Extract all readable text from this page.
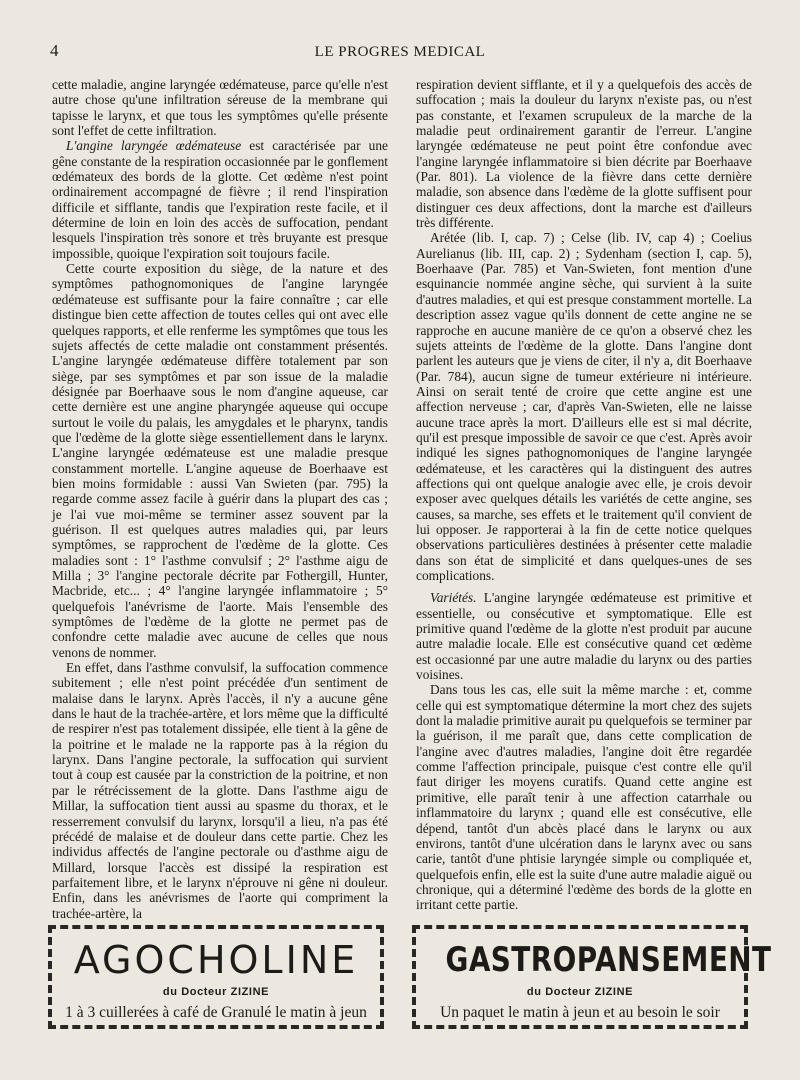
4	LE PROGRES MEDICAL

cette maladie, angine laryngée œdémateuse, parce qu'elle n'est autre chose qu'une infiltration séreuse de la membrane qui tapisse le larynx, et que tous les symptômes qu'elle présente sont l'effet de cette infiltration.

L'angine laryngée œdémateuse est caractérisée par une gêne constante de la respiration occasionnée par le gonflement œdémateux des bords de la glotte. Cet œdème n'est point ordinairement accompagné de fièvre ; il rend l'inspiration difficile et sifflante, tandis que l'expiration reste facile, et il détermine de loin en loin des accès de suffocation, pendant lesquels l'inspiration très sonore et très bruyante est presque impossible, quoique l'expiration soit toujours facile.

Cette courte exposition du siège, de la nature et des symptômes pathognomoniques de l'angine laryngée œdémateuse est suffisante pour la faire connaître ; car elle distingue bien cette affection de toutes celles qui ont avec elle quelques rapports, et elle renferme les symptômes que tous les sujets affectés de cette maladie ont constamment présentés. L'angine laryngée œdémateuse diffère totalement par son siège, par ses symptômes et par son issue de la maladie désignée par Boerhaave sous le nom d'angine aqueuse, car cette dernière est une angine pharyngée aqueuse qui occupe surtout le voile du palais, les amygdales et le pharynx, tandis que l'œdème de la glotte siège essentiellement dans le larynx. L'angine laryngée œdémateuse est une maladie presque constamment mortelle. L'angine aqueuse de Boerhaave est bien moins formidable : aussi Van Swieten (par. 795) la regarde comme assez facile à guérir dans la plupart des cas ; je l'ai vue moi-même se terminer assez souvent par la guérison. Il est quelques autres maladies qui, par leurs symptômes, se rapprochent de l'œdème de la glotte. Ces maladies sont : 1° l'asthme convulsif ; 2° l'asthme aigu de Milla ; 3° l'angine pectorale décrite par Fothergill, Hunter, Macbride, etc... ; 4° l'angine laryngée inflammatoire ; 5° quelquefois l'anévrisme de l'aorte. Mais l'ensemble des symptômes de l'œdème de la glotte ne permet pas de confondre cette maladie avec aucune de celles que nous venons de nommer.

En effet, dans l'asthme convulsif, la suffocation commence subitement ; elle n'est point précédée d'un sentiment de malaise dans le larynx. Après l'accès, il n'y a aucune gêne dans le haut de la trachée-artère, et lors même que la difficulté de respirer n'est pas totalement dissipée, elle tient à la gêne de la poitrine et le malade ne la rapporte pas à la région du larynx. Dans l'angine pectorale, la suffocation qui survient tout à coup est causée par la constriction de la poitrine, et non par le rétrécissement de la glotte. Dans l'asthme aigu de Millar, la suffocation tient aussi au spasme du thorax, et le resserrement convulsif du larynx, lorsqu'il a lieu, n'a pas été précédé de malaise et de douleur dans cette partie. Chez les individus affectés de l'angine pectorale ou d'asthme aigu de Millard, lorsque l'accès est dissipé la respiration est parfaitement libre, et le larynx n'éprouve ni gêne ni douleur. Enfin, dans les anévrismes de l'aorte qui compriment la trachée-artère, la

respiration devient sifflante, et il y a quelquefois des accès de suffocation ; mais la douleur du larynx n'existe pas, ou n'est pas constante, et l'examen scrupuleux de la marche de la maladie peut ordinairement garantir de l'erreur. L'angine laryngée œdémateuse ne peut point être confondue avec l'angine laryngée inflammatoire si bien décrite par Boerhaave (Par. 801). La violence de la fièvre dans cette dernière maladie, son absence dans l'œdème de la glotte suffisent pour distinguer ces deux affections, dont la marche est d'ailleurs très différente.

Arétée (lib. I, cap. 7) ; Celse (lib. IV, cap 4) ; Coelius Aurelianus (lib. III, cap. 2) ; Sydenham (section I, cap. 5), Boerhaave (Par. 785) et Van-Swieten, font mention d'une esquinancie nommée angine sèche, qui survient à la suite d'autres maladies, et qui est presque constamment mortelle. La description assez vague qu'ils donnent de cette angine ne se rapproche en aucune manière de ce qu'on a observé chez les sujets atteints de l'œdème de la glotte. Dans l'angine dont parlent les auteurs que je viens de citer, il n'y a, dit Boerhaave (Par. 784), aucun signe de tumeur extérieure ni intérieure. Ainsi on serait tenté de croire que cette angine est une affection nerveuse ; car, d'après Van-Swieten, elle ne laisse aucune trace après la mort. D'ailleurs elle est si mal décrite, qu'il est presque impossible de savoir ce que c'est. Après avoir indiqué les signes pathognomoniques de l'angine laryngée œdémateuse, et les caractères qui la distinguent des autres affections qui ont quelque analogie avec elle, je crois devoir exposer avec quelques détails les variétés de cette angine, ses causes, sa marche, ses effets et le traitement qu'il convient de lui opposer. Je rapporterai à la fin de cette notice quelques observations particulières destinées à présenter cette maladie dans son état de simplicité et dans quelques-unes de ses complications.

Variétés. L'angine laryngée œdémateuse est primitive et essentielle, ou consécutive et symptomatique. Elle est primitive quand l'œdème de la glotte n'est produit par aucune autre maladie locale. Elle est consécutive quand cet œdème est occasionné par une autre maladie du larynx ou des parties voisines.

Dans tous les cas, elle suit la même marche : et, comme celle qui est symptomatique détermine la mort chez des sujets dont la maladie primitive aurait pu quelquefois se terminer par la guérison, il me paraît que, dans cette complication de l'angine avec d'autres maladies, l'angine doit être regardée comme l'affection principale, puisque c'est contre elle qu'il faut diriger les moyens curatifs. Quand cette angine est primitive, elle paraît tenir à une affection catarrhale ou inflammatoire du larynx ; quand elle est consécutive, elle dépend, tantôt d'un abcès placé dans le larynx ou aux environs, tantôt d'une ulcération dans le larynx avec ou sans carie, tantôt d'une phtisie laryngée simple ou compliquée et, quelquefois enfin, elle est la suite d'une autre maladie aiguë ou chronique, qui a déterminé l'œdème des bords de la glotte en irritant cette partie.

AGOCHOLINE
du Docteur ZIZINE
1 à 3 cuillerées à café de Granulé le matin à jeun
GASTROPANSEMENT
du Docteur ZIZINE
Un paquet le matin à jeun et au besoin le soir
